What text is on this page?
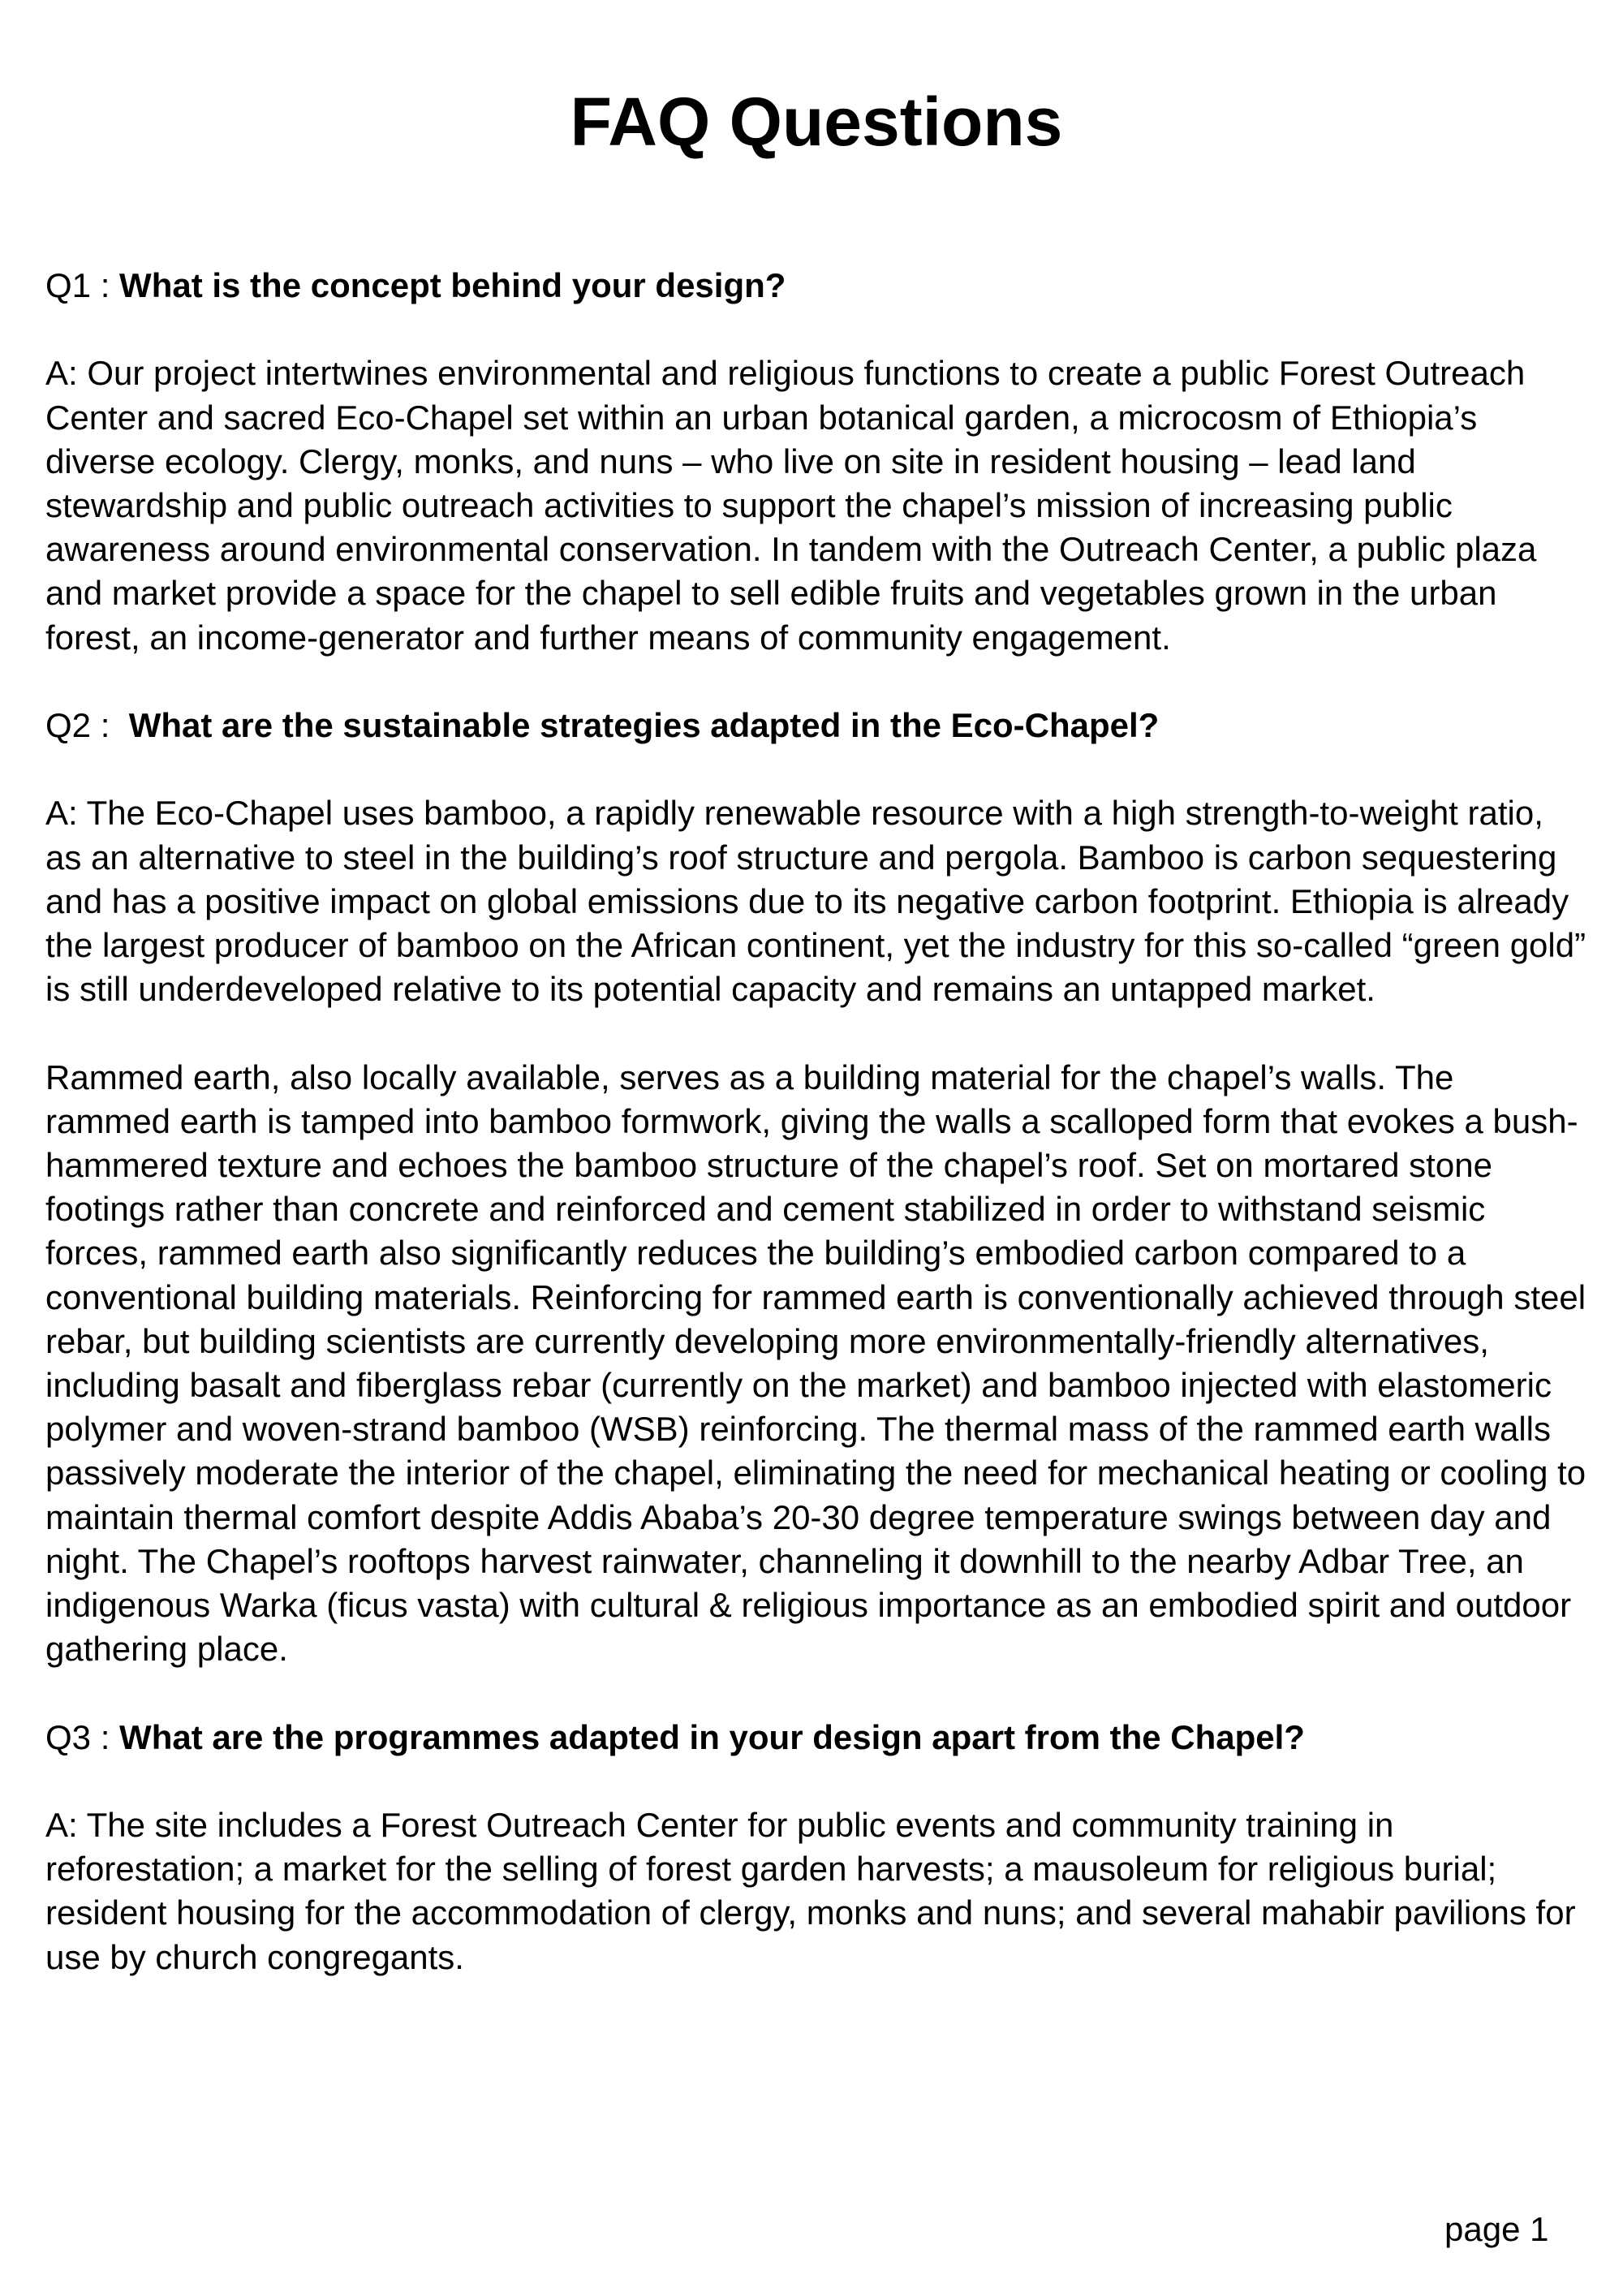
FAQ Questions

Q1 : What is the concept behind your design?

A: Our project intertwines environmental and religious functions to create a public Forest Outreach Center and sacred Eco-Chapel set within an urban botanical garden, a microcosm of Ethiopia’s diverse ecology. Clergy, monks, and nuns – who live on site in resident housing – lead land stewardship and public outreach activities to support the chapel’s mission of increasing public awareness around environmental conservation. In tandem with the Outreach Center, a public plaza and market provide a space for the chapel to sell edible fruits and vegetables grown in the urban forest, an income-generator and further means of community engagement.

Q2 :  What are the sustainable strategies adapted in the Eco-Chapel?

A: The Eco-Chapel uses bamboo, a rapidly renewable resource with a high strength-to-weight ratio, as an alternative to steel in the building’s roof structure and pergola. Bamboo is carbon sequestering and has a positive impact on global emissions due to its negative carbon footprint. Ethiopia is already the largest producer of bamboo on the African continent, yet the industry for this so-called “green gold” is still underdeveloped relative to its potential capacity and remains an untapped market.

Rammed earth, also locally available, serves as a building material for the chapel’s walls. The rammed earth is tamped into bamboo formwork, giving the walls a scalloped form that evokes a bush-hammered texture and echoes the bamboo structure of the chapel’s roof. Set on mortared stone footings rather than concrete and reinforced and cement stabilized in order to withstand seismic forces, rammed earth also significantly reduces the building’s embodied carbon compared to a conventional building materials. Reinforcing for rammed earth is conventionally achieved through steel rebar, but building scientists are currently developing more environmentally-friendly alternatives, including basalt and fiberglass rebar (currently on the market) and bamboo injected with elastomeric polymer and woven-strand bamboo (WSB) reinforcing. The thermal mass of the rammed earth walls passively moderate the interior of the chapel, eliminating the need for mechanical heating or cooling to maintain thermal comfort despite Addis Ababa’s 20-30 degree temperature swings between day and night. The Chapel’s rooftops harvest rainwater, channeling it downhill to the nearby Adbar Tree, an indigenous Warka (ficus vasta) with cultural & religious importance as an embodied spirit and outdoor gathering place.

Q3 : What are the programmes adapted in your design apart from the Chapel?

A: The site includes a Forest Outreach Center for public events and community training in reforestation; a market for the selling of forest garden harvests; a mausoleum for religious burial; resident housing for the accommodation of clergy, monks and nuns; and several mahabir pavilions for use by church congregants.

page 1
